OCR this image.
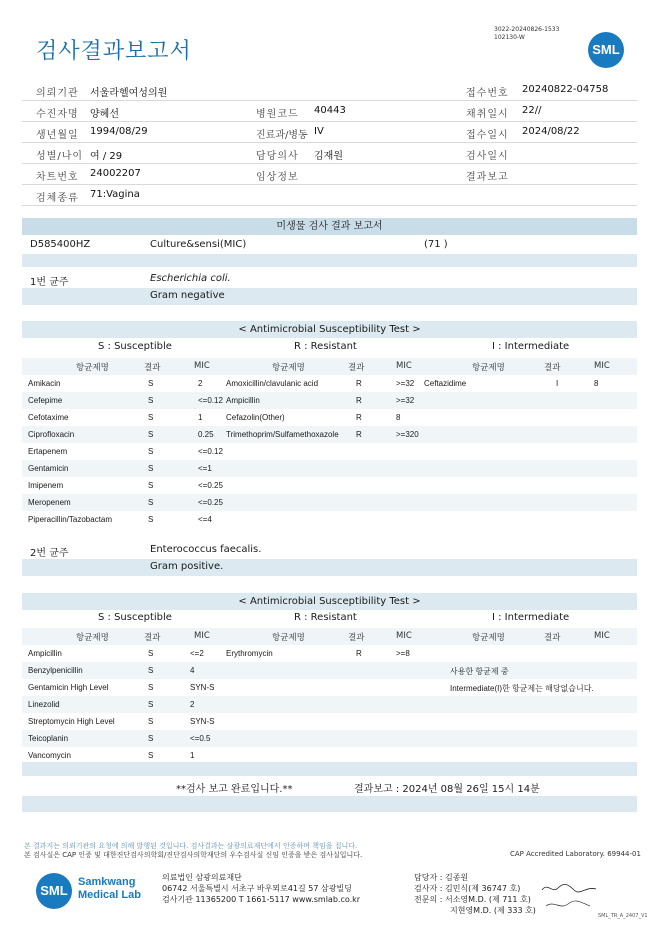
검사결과보고서
3022-20240826-1533
102130-W
SML
의뢰기관 서울라헬여성의원	접수번호 20240822-04758
수진자명 양혜선	병원코드 40443	채취일시 22//
생년월일 1994/08/29	진료과/병동 IV	접수일시 2024/08/22
성별/나이 여 / 29	담당의사 김재원	검사일시
차트번호 24002207	임상정보	결과보고
검체종류 71:Vagina
미생물 검사 결과 보고서
D585400HZ	Culture&sensi(MIC)	(71 )
1번 균주	Escherichia coli.
Gram negative
< Antimicrobial Susceptibility Test >
S : Susceptible	R : Resistant	I : Intermediate
항균제명	결과	MIC	항균제명	결과	MIC	항균제명	결과	MIC
Amikacin	S	2	Amoxicillin/clavulanic acid	R	>=32 Ceftazidime	I	8
Cefepime	S	<=0.12 Ampicillin	R	>=32
Cefotaxime	S	1	Cefazolin(Other)	R	8
Ciprofloxacin	S	0.25 Trimethoprim/Sulfamethoxazole R	>=320
Ertapenem	S	<=0.12
Gentamicin	S	<=1
Imipenem	S	<=0.25
Meropenem	S	<=0.25
Piperacillin/Tazobactam	S	<=4
2번 균주	Enterococcus faecalis.
Gram positive.
< Antimicrobial Susceptibility Test >
S : Susceptible	R : Resistant	I : Intermediate
항균제명	결과	MIC	항균제명	결과	MIC	항균제명	결과	MIC
Ampicillin	S	<=2	Erythromycin	R	>=8
Benzylpenicillin	S	4	사용한 항균제 중
Gentamicin High Level	S	SYN-S	Intermediate(I)한 항균제는 해당없습니다.
Linezolid	S	2
Streptomycin High Level	S	SYN-S
Teicoplanin	S	<=0.5
Vancomycin	S	1
**검사 보고 완료입니다.**	결과보고 : 2024년 08월 26일 15시 14분
본 결과지는 의뢰기관의 요청에 의해 발행된 것입니다. 검사결과는 삼광의료재단에서 인증하며 책임을 집니다.
본 검사실은 CAP 인증 및 대한진단검사의학회/진단검사의학재단의 우수검사실 신임 인증을 받은 검사실입니다.	CAP Accredited Laboratory. 69944-01
SML
Samkwang
Medical Lab
의료법인 삼광의료재단
06742 서울특별시 서초구 바우뫼로41길 57 삼광빌딩
검사기관 11365200 T 1661-5117 www.smlab.co.kr
담당자 : 김종원
검사자 : 김민식(제 36747 호)
전문의 : 서소영M.D. (제 711 호)
지현영M.D. (제 333 호)
SML_TR_A_2407_V1
